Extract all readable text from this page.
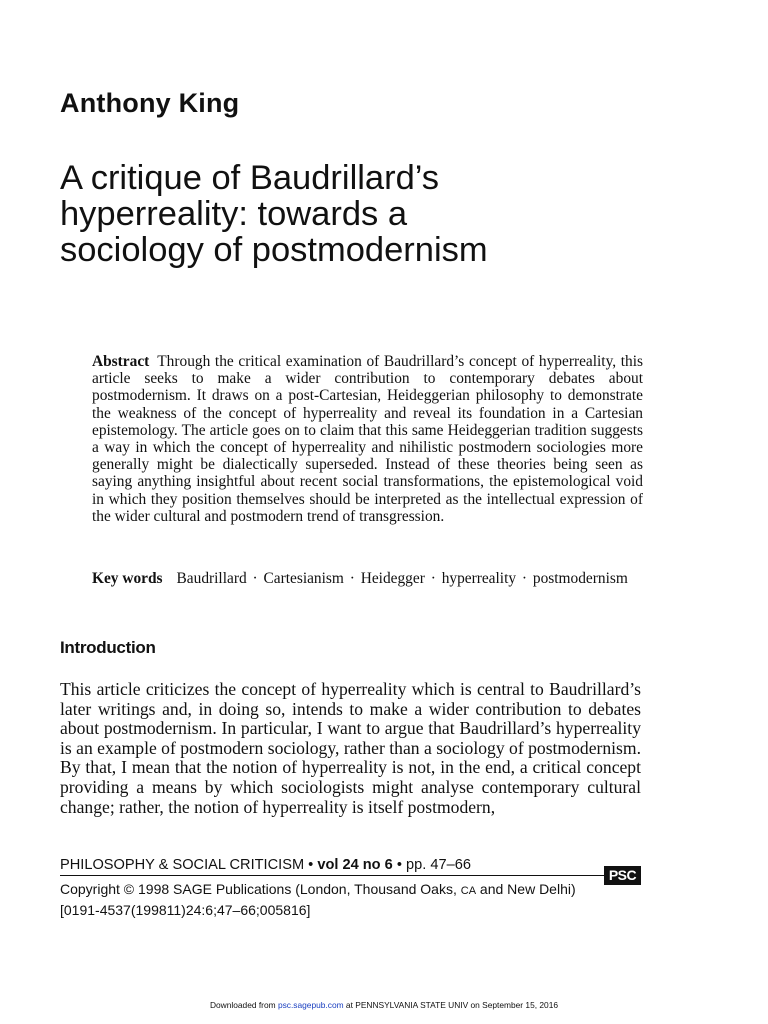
Anthony King
A critique of Baudrillard’s
hyperreality: towards a
sociology of postmodernism
Abstract Through the critical examination of Baudrillard’s concept of hyperreality, this article seeks to make a wider contribution to contemporary debates about postmodernism. It draws on a post-Cartesian, Heideggerian philosophy to demonstrate the weakness of the concept of hyperreality and reveal its foundation in a Cartesian epistemology. The article goes on to claim that this same Heideggerian tradition suggests a way in which the concept of hyperreality and nihilistic postmodern sociologies more generally might be dialectically superseded. Instead of these theories being seen as saying anything insightful about recent social transformations, the epistemological void in which they position themselves should be interpreted as the intellectual expression of the wider cultural and postmodern trend of transgression.
Key words Baudrillard · Cartesianism · Heidegger · hyperreality · postmodernism
Introduction

This article criticizes the concept of hyperreality which is central to Baudrillard’s later writings and, in doing so, intends to make a wider contribution to debates about postmodernism. In particular, I want to argue that Baudrillard’s hyperreality is an example of postmodern sociology, rather than a sociology of postmodernism. By that, I mean that the notion of hyperreality is not, in the end, a critical concept providing a means by which sociologists might analyse contemporary cultural change; rather, the notion of hyperreality is itself postmodern,

PHILOSOPHY & SOCIAL CRITICISM • vol 24 no 6 • pp. 47–66
PSC
Copyright © 1998 SAGE Publications (London, Thousand Oaks, CA and New Delhi)
[0191-4537(199811)24:6;47–66;005816]
Downloaded from psc.sagepub.com at PENNSYLVANIA STATE UNIV on September 15, 2016
